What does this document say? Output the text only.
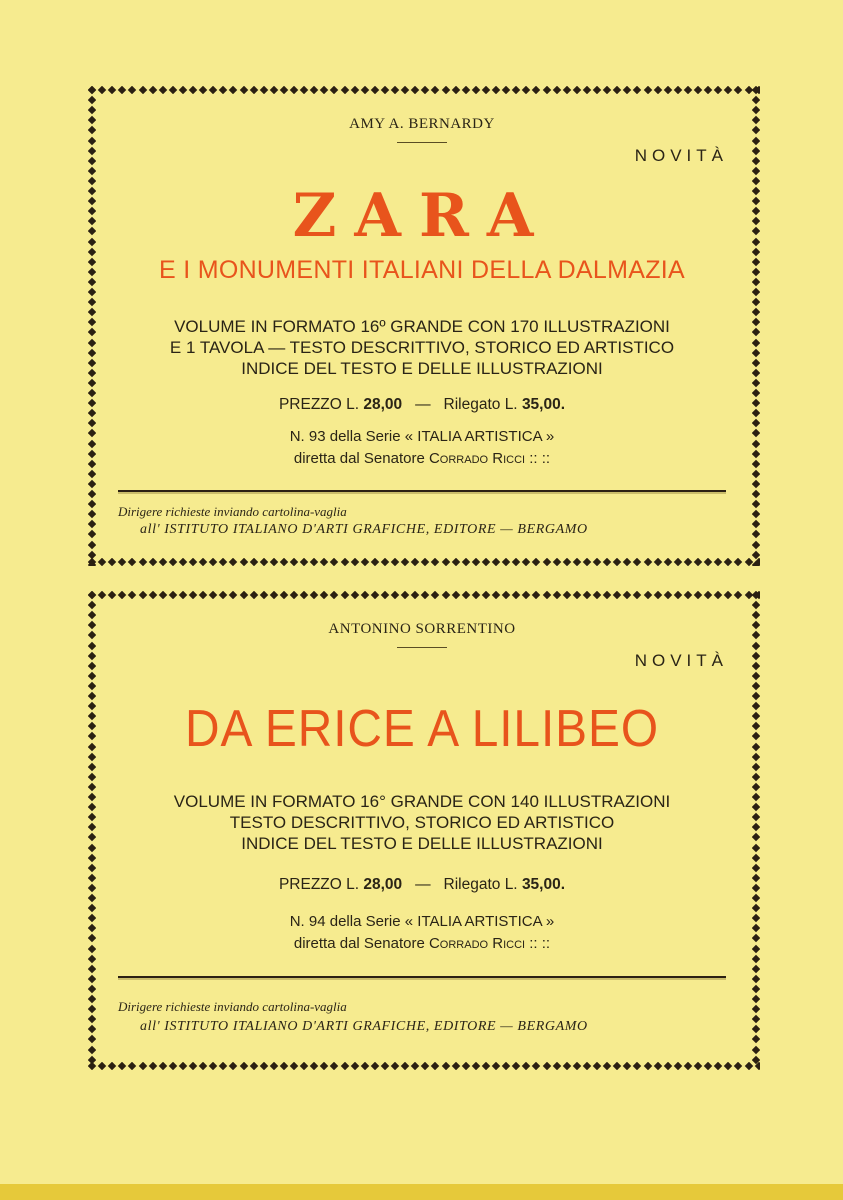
AMY A. BERNARDY
NOVITÀ
ZARA
E I MONUMENTI ITALIANI DELLA DALMAZIA
VOLUME IN FORMATO 16º GRANDE CON 170 ILLUSTRAZIONI
E 1 TAVOLA — TESTO DESCRITTIVO, STORICO ED ARTISTICO
INDICE DEL TESTO E DELLE ILLUSTRAZIONI
PREZZO L. 28,00 — Rilegato L. 35,00.
N. 93 della Serie « ITALIA ARTISTICA »
diretta dal Senatore Corrado Ricci :: ::
Dirigere richieste inviando cartolina-vaglia
all' ISTITUTO ITALIANO D'ARTI GRAFICHE, EDITORE — BERGAMO
ANTONINO SORRENTINO
NOVITÀ
DA ERICE A LILIBEO
VOLUME IN FORMATO 16° GRANDE CON 140 ILLUSTRAZIONI
TESTO DESCRITTIVO, STORICO ED ARTISTICO
INDICE DEL TESTO E DELLE ILLUSTRAZIONI
PREZZO L. 28,00 — Rilegato L. 35,00.
N. 94 della Serie « ITALIA ARTISTICA »
diretta dal Senatore Corrado Ricci :: ::
Dirigere richieste inviando cartolina-vaglia
all' ISTITUTO ITALIANO D'ARTI GRAFICHE, EDITORE — BERGAMO
